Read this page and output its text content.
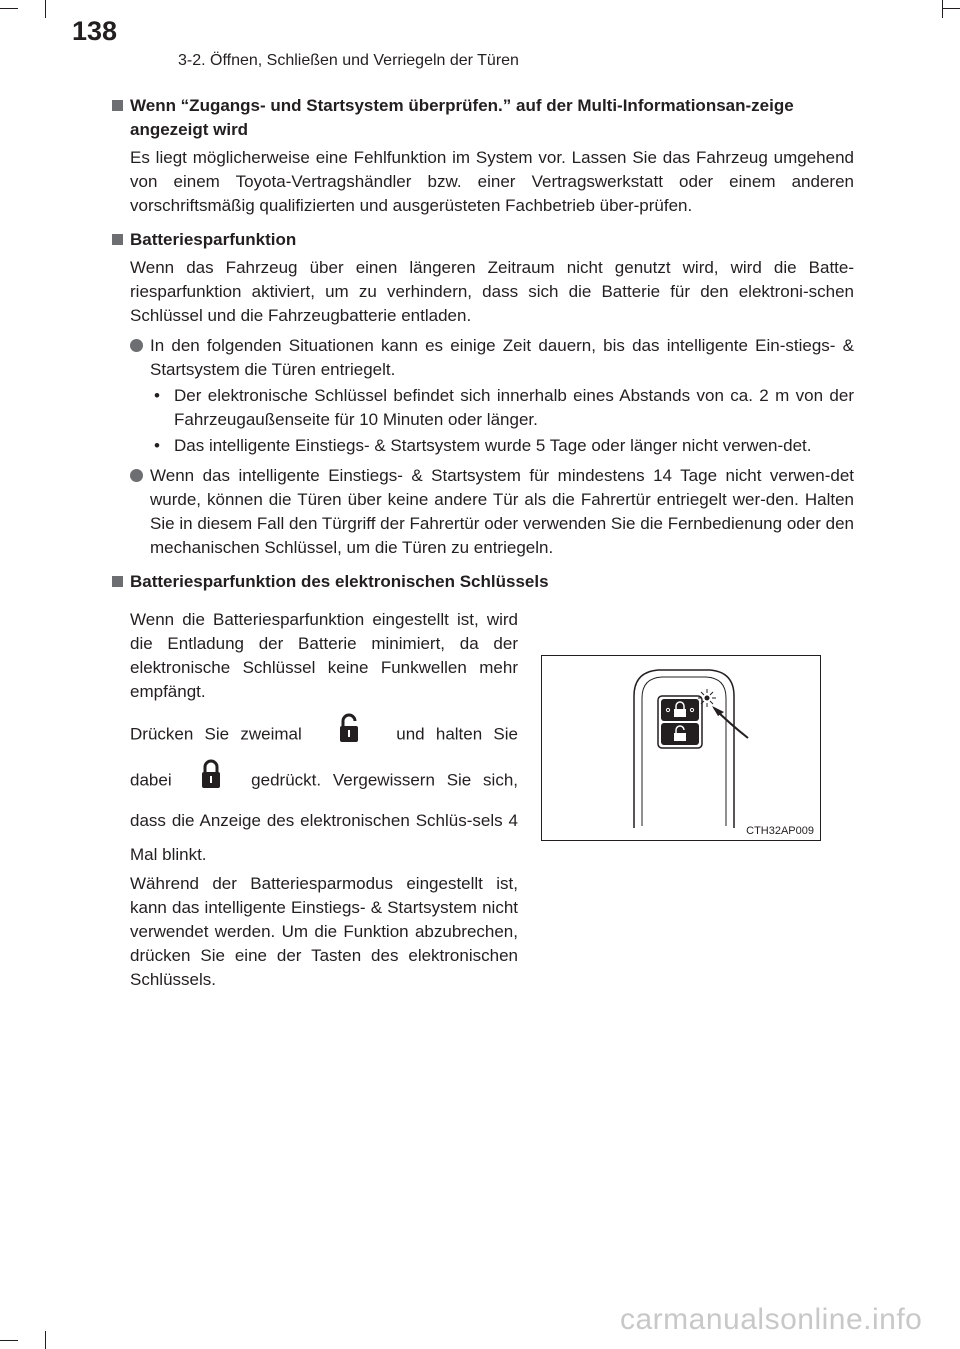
138
3-2. Öffnen, Schließen und Verriegeln der Türen

Wenn “Zugangs- und Startsystem überprüfen.” auf der Multi-Informationsan-zeige angezeigt wird

Es liegt möglicherweise eine Fehlfunktion im System vor. Lassen Sie das Fahrzeug umgehend von einem Toyota-Vertragshändler bzw. einer Vertragswerkstatt oder einem anderen vorschriftsmäßig qualifizierten und ausgerüsteten Fachbetrieb über-prüfen.

Batteriesparfunktion

Wenn das Fahrzeug über einen längeren Zeitraum nicht genutzt wird, wird die Batte-riesparfunktion aktiviert, um zu verhindern, dass sich die Batterie für den elektroni-schen Schlüssel und die Fahrzeugbatterie entladen.

In den folgenden Situationen kann es einige Zeit dauern, bis das intelligente Ein-stiegs- & Startsystem die Türen entriegelt.
• Der elektronische Schlüssel befindet sich innerhalb eines Abstands von ca. 2 m von der Fahrzeugaußenseite für 10 Minuten oder länger.
• Das intelligente Einstiegs- & Startsystem wurde 5 Tage oder länger nicht verwen-det.
Wenn das intelligente Einstiegs- & Startsystem für mindestens 14 Tage nicht verwen-det wurde, können die Türen über keine andere Tür als die Fahrertür entriegelt wer-den. Halten Sie in diesem Fall den Türgriff der Fahrertür oder verwenden Sie die Fernbedienung oder den mechanischen Schlüssel, um die Türen zu entriegeln.

Batteriesparfunktion des elektronischen Schlüssels

Wenn die Batteriesparfunktion eingestellt ist, wird die Entladung der Batterie minimiert, da der elektronische Schlüssel keine Funkwellen mehr empfängt.

Drücken Sie zweimal	und halten Sie dabei	gedrückt. Vergewissern Sie sich, dass die Anzeige des elektronischen Schlüs-sels 4 Mal blinkt.

Während der Batteriesparmodus eingestellt ist, kann das intelligente Einstiegs- & Startsystem nicht verwendet werden. Um die Funktion abzubrechen, drücken Sie eine der Tasten des elektronischen Schlüssels.

CTH32AP009
carmanualsonline.info
